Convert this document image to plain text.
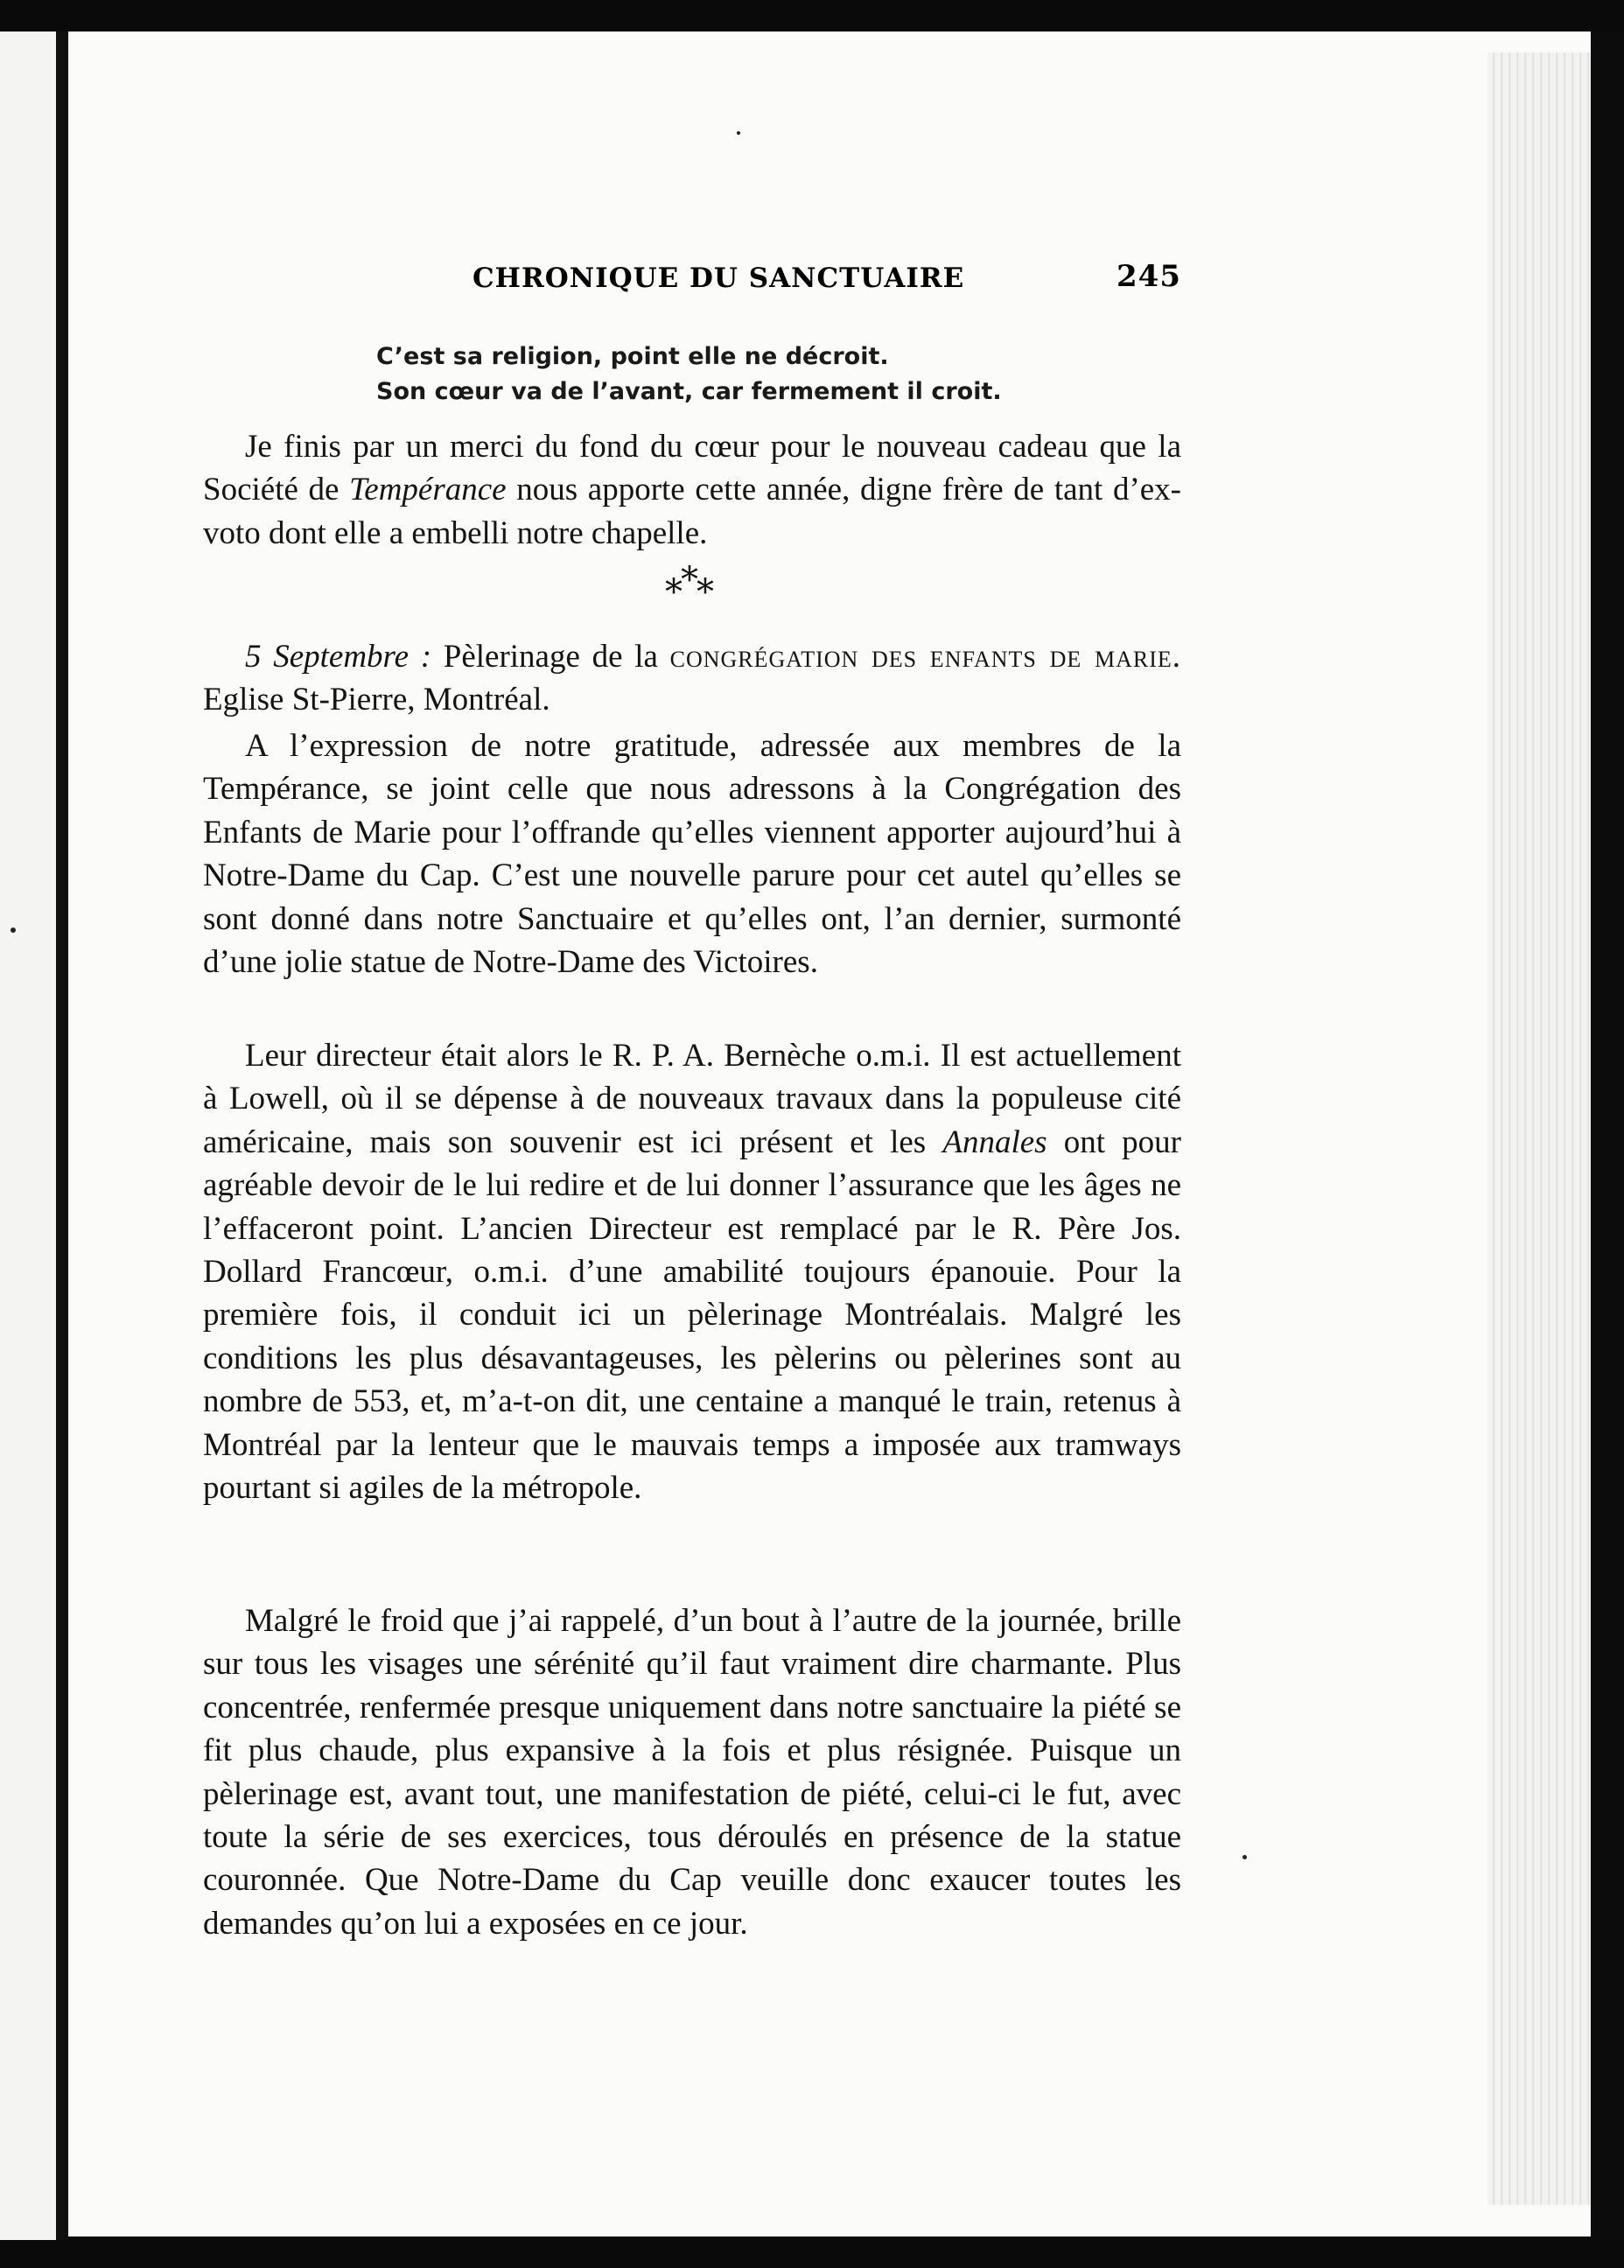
CHRONIQUE DU SANCTUAIRE	245
C’est sa religion, point elle ne décroit.
Son cœur va de l’avant, car fermement il croit.

Je finis par un merci du fond du cœur pour le nouveau cadeau que la Société de Tempérance nous apporte cette année, digne frère de tant d’ex-voto dont elle a embelli notre chapelle.

***

5 Septembre : Pèlerinage de la congrégation des enfants de marie. Eglise St-Pierre, Montréal.

A l’expression de notre gratitude, adressée aux membres de la Tempérance, se joint celle que nous adressons à la Congrégation des Enfants de Marie pour l’offrande qu’elles viennent apporter aujourd’hui à Notre-Dame du Cap. C’est une nouvelle parure pour cet autel qu’elles se sont donné dans notre Sanctuaire et qu’elles ont, l’an dernier, surmonté d’une jolie statue de Notre-Dame des Victoires.

Leur directeur était alors le R. P. A. Bernèche o.m.i. Il est actuellement à Lowell, où il se dépense à de nouveaux travaux dans la populeuse cité américaine, mais son souvenir est ici présent et les Annales ont pour agréable devoir de le lui redire et de lui donner l’assurance que les âges ne l’effaceront point. L’ancien Directeur est remplacé par le R. Père Jos. Dollard Francœur, o.m.i. d’une amabilité toujours épanouie. Pour la première fois, il conduit ici un pèlerinage Montréalais. Malgré les conditions les plus désavantageuses, les pèlerins ou pèlerines sont au nombre de 553, et, m’a-t-on dit, une centaine a manqué le train, retenus à Montréal par la lenteur que le mauvais temps a imposée aux tramways pourtant si agiles de la métropole.

Malgré le froid que j’ai rappelé, d’un bout à l’autre de la journée, brille sur tous les visages une sérénité qu’il faut vraiment dire charmante. Plus concentrée, renfermée presque uniquement dans notre sanctuaire la piété se fit plus chaude, plus expansive à la fois et plus résignée. Puisque un pèlerinage est, avant tout, une manifestation de piété, celui-ci le fut, avec toute la série de ses exercices, tous déroulés en présence de la statue couronnée. Que Notre-Dame du Cap veuille donc exaucer toutes les demandes qu’on lui a exposées en ce jour.
